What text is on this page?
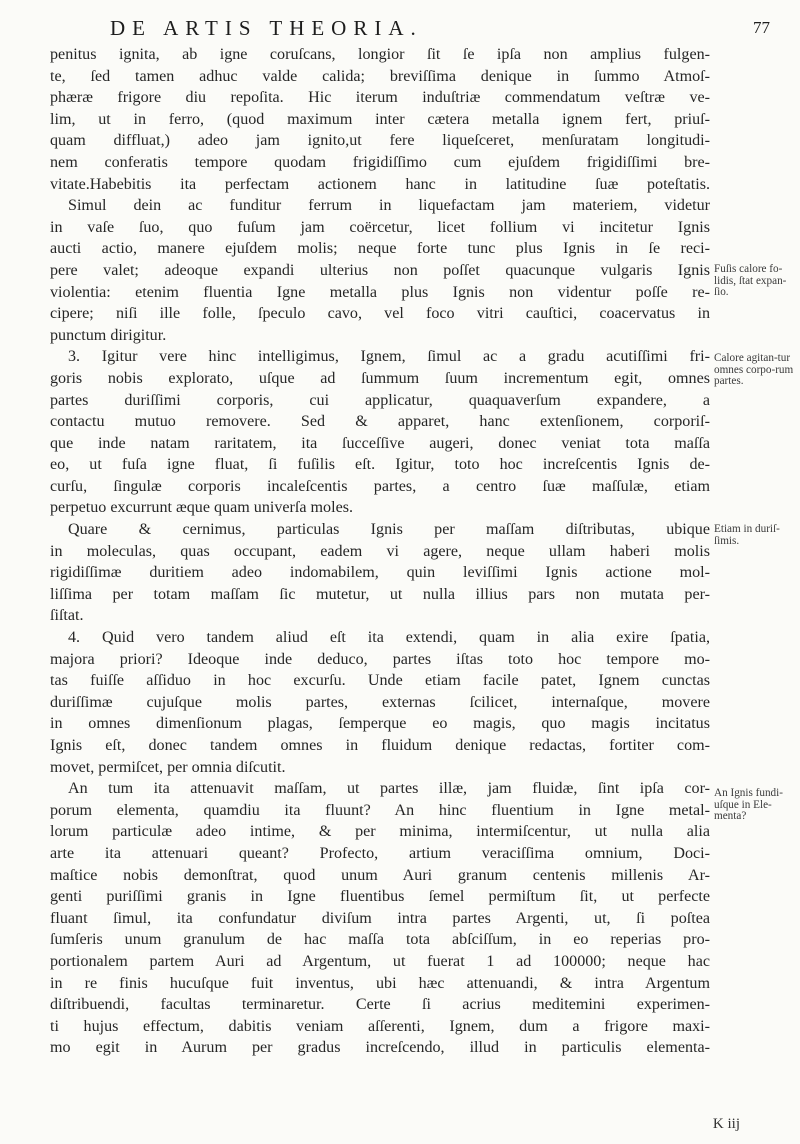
DE ARTIS THEORIA.	77
penitus ignita, ab igne coruſcans, longior ſit ſe ipſa non amplius fulgen-
te, ſed tamen adhuc valde calida; breviſſima denique in ſummo Atmoſ-
phæræ frigore diu repoſita. Hic iterum induſtriæ commendatum veſtræ ve-
lim, ut in ferro, (quod maximum inter cætera metalla ignem fert, priuſ-
quam diffluat,) adeo jam ignito,ut fere liqueſceret, menſuratam longitudi-
nem conferatis tempore quodam frigidiſſimo cum ejuſdem frigidiſſimi bre-
vitate.Habebitis ita perfectam actionem hanc in latitudine ſuæ poteſtatis.
Simul dein ac funditur ferrum in liquefactam jam materiem, videtur
in vaſe ſuo, quo fuſum jam coërcetur, licet follium vi incitetur Ignis
aucti actio, manere ejuſdem molis; neque forte tunc plus Ignis in ſe reci-
pere valet; adeoque expandi ulterius non poſſet quacunque vulgaris Ignis
violentia: etenim fluentia Igne metalla plus Ignis non videntur poſſe re-
cipere; niſi ille folle, ſpeculo cavo, vel foco vitri cauſtici, coacervatus in
punctum dirigitur.
3. Igitur vere hinc intelligimus, Ignem, ſimul ac a gradu acutiſſimi fri-
goris nobis explorato, uſque ad ſummum ſuum incrementum egit, omnes
partes duriſſimi corporis, cui applicatur, quaquaverſum expandere, a
contactu mutuo removere. Sed & apparet, hanc extenſionem, corporiſ-
que inde natam raritatem, ita ſucceſſive augeri, donec veniat tota maſſa
eo, ut fuſa igne fluat, ſi fuſilis eſt. Igitur, toto hoc increſcentis Ignis de-
curſu, ſingulæ corporis incaleſcentis partes, a centro ſuæ maſſulæ, etiam
perpetuo excurrunt æque quam univerſa moles.
Quare & cernimus, particulas Ignis per maſſam diſtributas, ubique
in moleculas, quas occupant, eadem vi agere, neque ullam haberi molis
rigidiſſimæ duritiem adeo indomabilem, quin leviſſimi Ignis actione mol-
liſſima per totam maſſam ſic mutetur, ut nulla illius pars non mutata per-
ſiſtat.
4. Quid vero tandem aliud eſt ita extendi, quam in alia exire ſpatia,
majora priori? Ideoque inde deduco, partes iſtas toto hoc tempore mo-
tas fuiſſe aſſiduo in hoc excurſu. Unde etiam facile patet, Ignem cunctas
duriſſimæ cujuſque molis partes, externas ſcilicet, internaſque, movere
in omnes dimenſionum plagas, ſemperque eo magis, quo magis incitatus
Ignis eſt, donec tandem omnes in fluidum denique redactas, fortiter com-
movet, permiſcet, per omnia diſcutit.
An tum ita attenuavit maſſam, ut partes illæ, jam fluidæ, ſint ipſa cor-
porum elementa, quamdiu ita fluunt? An hinc fluentium in Igne metal-
lorum particulæ adeo intime, & per minima, intermiſcentur, ut nulla alia
arte ita attenuari queant? Profecto, artium veraciſſima omnium, Doci-
maſtice nobis demonſtrat, quod unum Auri granum centenis millenis Ar-
genti puriſſimi granis in Igne fluentibus ſemel permiſtum ſit, ut perfecte
fluant ſimul, ita confundatur diviſum intra partes Argenti, ut, ſi poſtea
ſumſeris unum granulum de hac maſſa tota abſciſſum, in eo reperias pro-
portionalem partem Auri ad Argentum, ut fuerat 1 ad 100000; neque hac
in re finis hucuſque fuit inventus, ubi hæc attenuandi, & intra Argentum
diſtribuendi, facultas terminaretur. Certe ſi acrius meditemini experimen-
ti hujus effectum, dabitis veniam aſſerenti, Ignem, dum a frigore maxi-
mo egit in Aurum per gradus increſcendo, illud in particulis elementa-
Fuſis calore fo-lidis, ſtat expan-ſio.
Calore agitan-tur omnes corpo-rum partes.
Etiam in duriſ-ſimis.
An Ignis fundi-uſque in Ele-menta?
K iij
